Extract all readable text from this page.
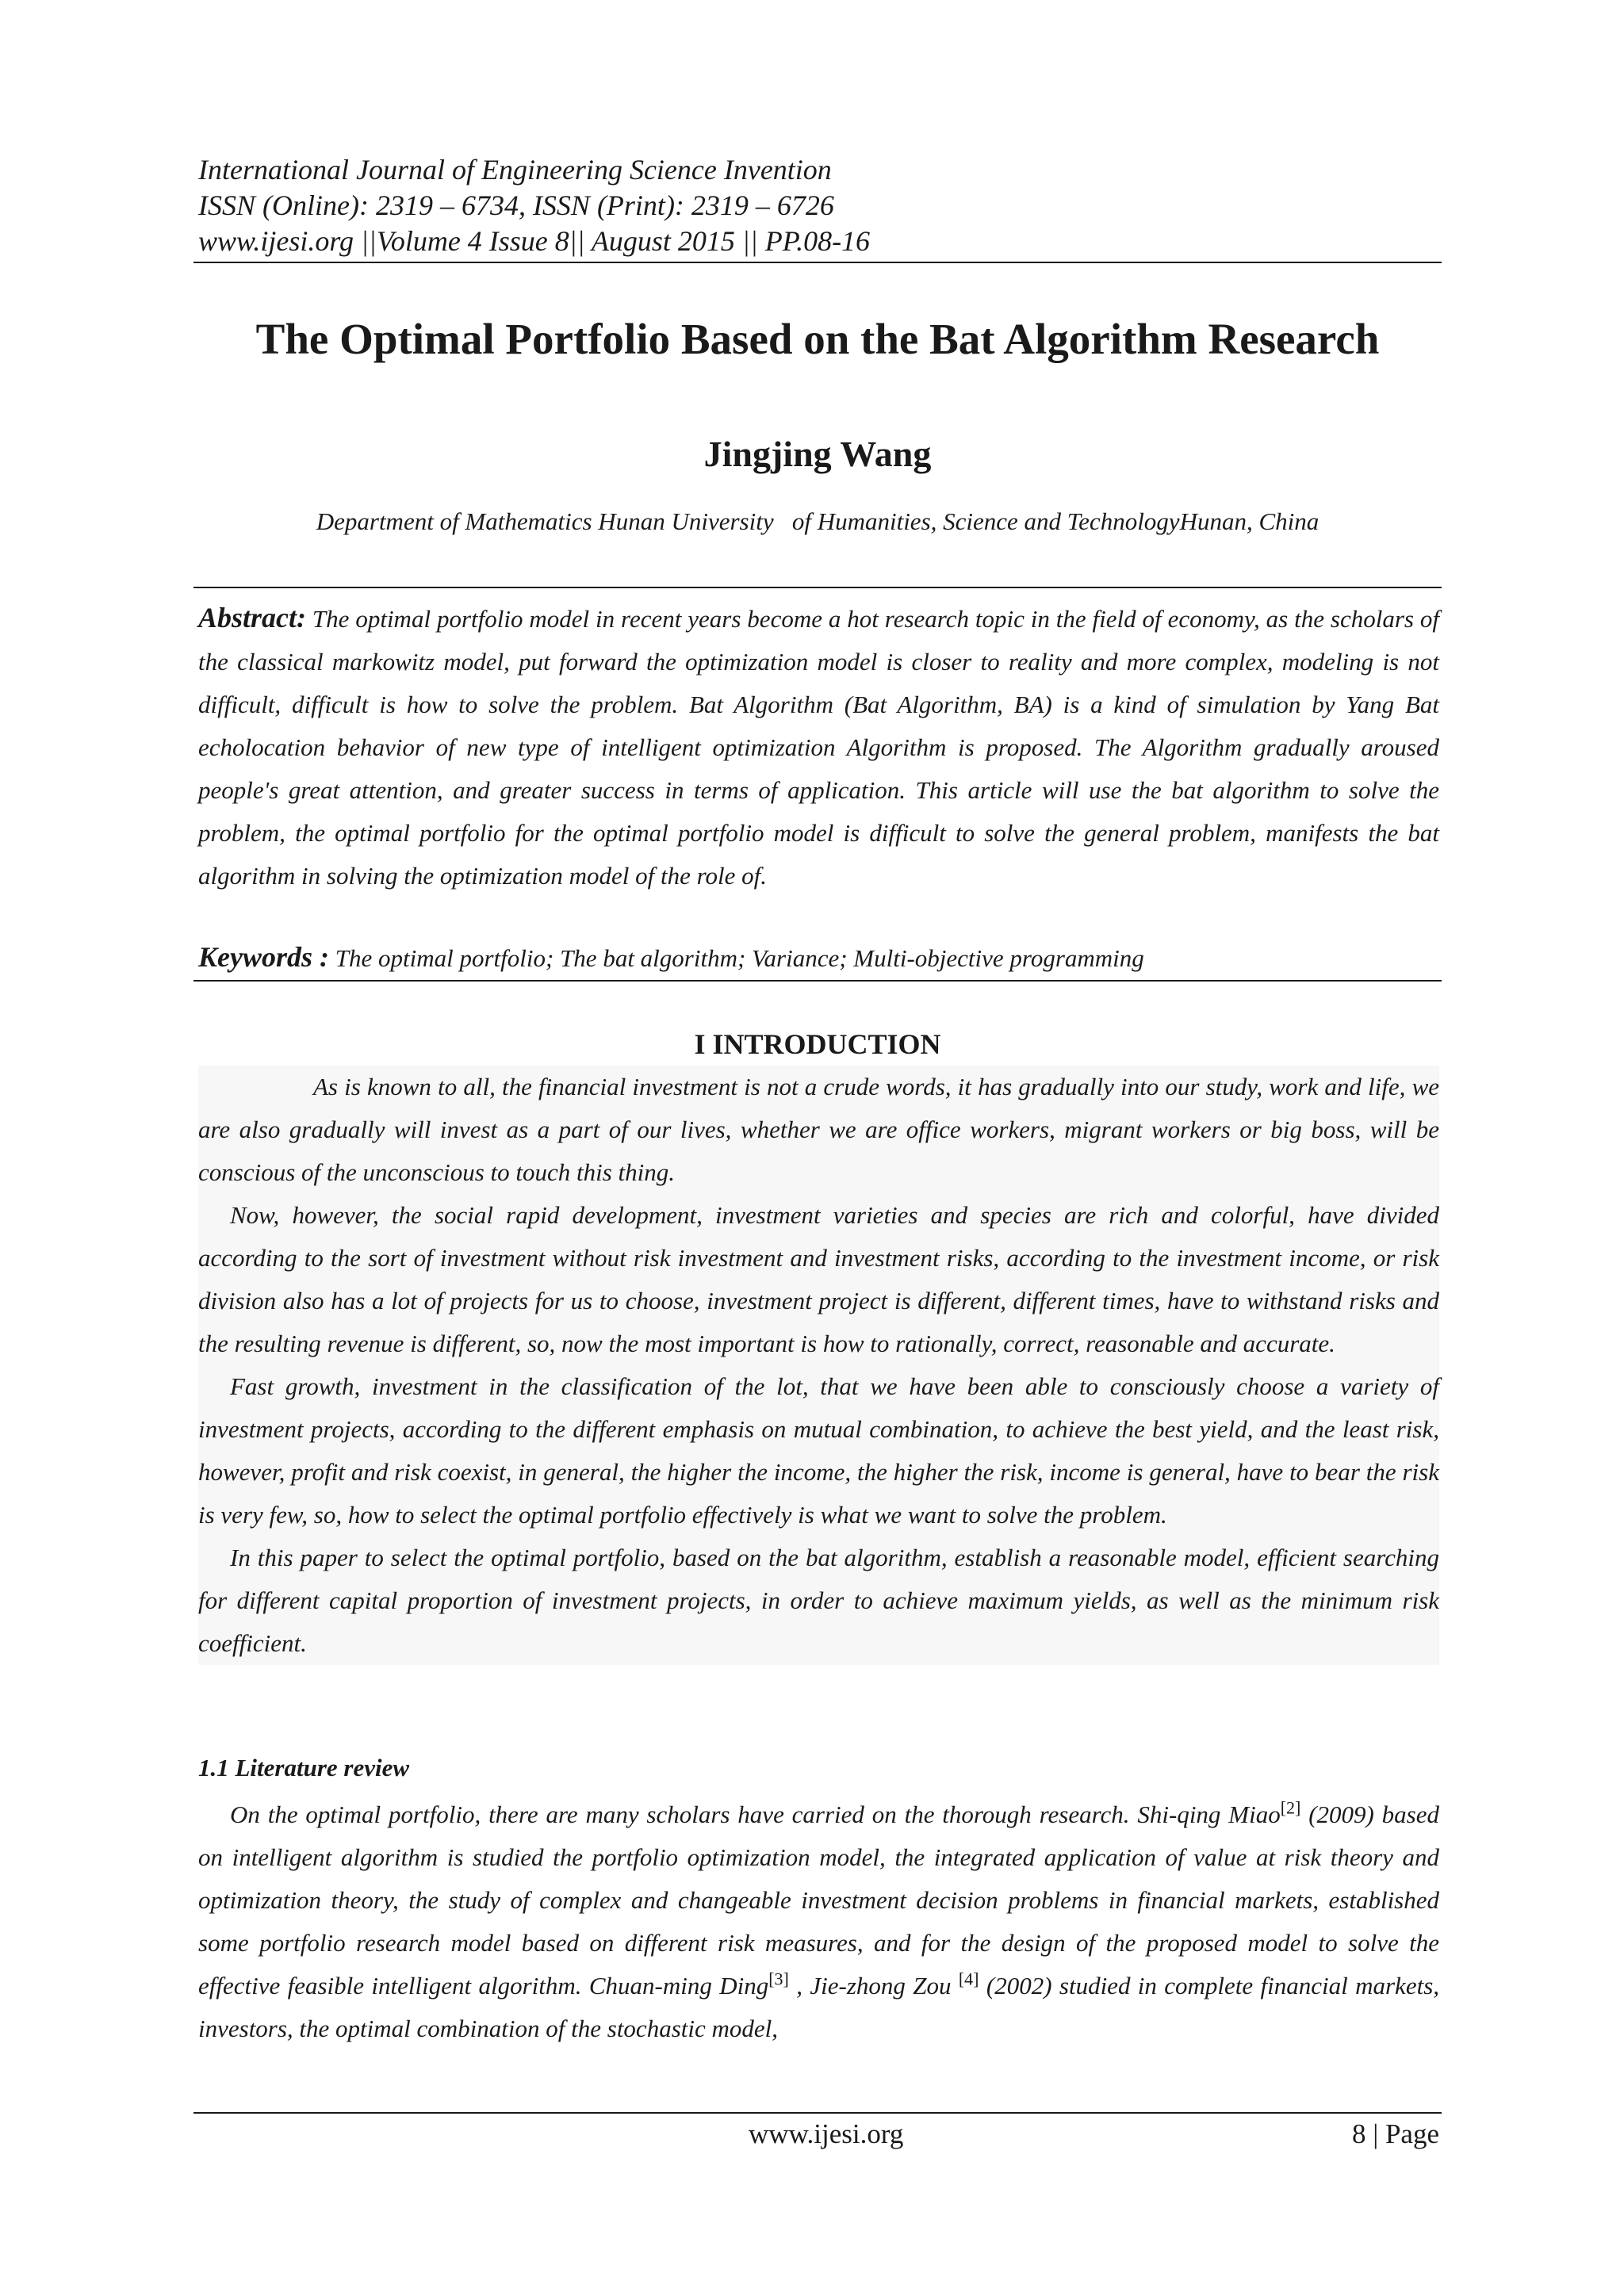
International Journal of Engineering Science Invention
ISSN (Online): 2319 – 6734, ISSN (Print): 2319 – 6726
www.ijesi.org ||Volume 4 Issue 8|| August 2015 || PP.08-16
The Optimal Portfolio Based on the Bat Algorithm Research
Jingjing Wang
Department of Mathematics Hunan University   of Humanities, Science and TechnologyHunan, China
Abstract: The optimal portfolio model in recent years become a hot research topic in the field of economy, as the scholars of the classical markowitz model, put forward the optimization model is closer to reality and more complex, modeling is not difficult, difficult is how to solve the problem. Bat Algorithm (Bat Algorithm, BA) is a kind of simulation by Yang Bat echolocation behavior of new type of intelligent optimization Algorithm is proposed. The Algorithm gradually aroused people's great attention, and greater success in terms of application. This article will use the bat algorithm to solve the problem, the optimal portfolio for the optimal portfolio model is difficult to solve the general problem, manifests the bat algorithm in solving the optimization model of the role of.
Keywords : The optimal portfolio; The bat algorithm; Variance; Multi-objective programming
I INTRODUCTION

As is known to all, the financial investment is not a crude words, it has gradually into our study, work and life, we are also gradually will invest as a part of our lives, whether we are office workers, migrant workers or big boss, will be conscious of the unconscious to touch this thing.

Now, however, the social rapid development, investment varieties and species are rich and colorful, have divided according to the sort of investment without risk investment and investment risks, according to the investment income, or risk division also has a lot of projects for us to choose, investment project is different, different times, have to withstand risks and the resulting revenue is different, so, now the most important is how to rationally, correct, reasonable and accurate.

Fast growth, investment in the classification of the lot, that we have been able to consciously choose a variety of investment projects, according to the different emphasis on mutual combination, to achieve the best yield, and the least risk, however, profit and risk coexist, in general, the higher the income, the higher the risk, income is general, have to bear the risk is very few, so, how to select the optimal portfolio effectively is what we want to solve the problem.

In this paper to select the optimal portfolio, based on the bat algorithm, establish a reasonable model, efficient searching for different capital proportion of investment projects, in order to achieve maximum yields, as well as the minimum risk coefficient.

1.1 Literature review

On the optimal portfolio, there are many scholars have carried on the thorough research. Shi-qing Miao[2] (2009) based on intelligent algorithm is studied the portfolio optimization model, the integrated application of value at risk theory and optimization theory, the study of complex and changeable investment decision problems in financial markets, established some portfolio research model based on different risk measures, and for the design of the proposed model to solve the effective feasible intelligent algorithm. Chuan-ming Ding[3] , Jie-zhong Zou [4] (2002) studied in complete financial markets, investors, the optimal combination of the stochastic model,

www.ijesi.org	8 | Page
